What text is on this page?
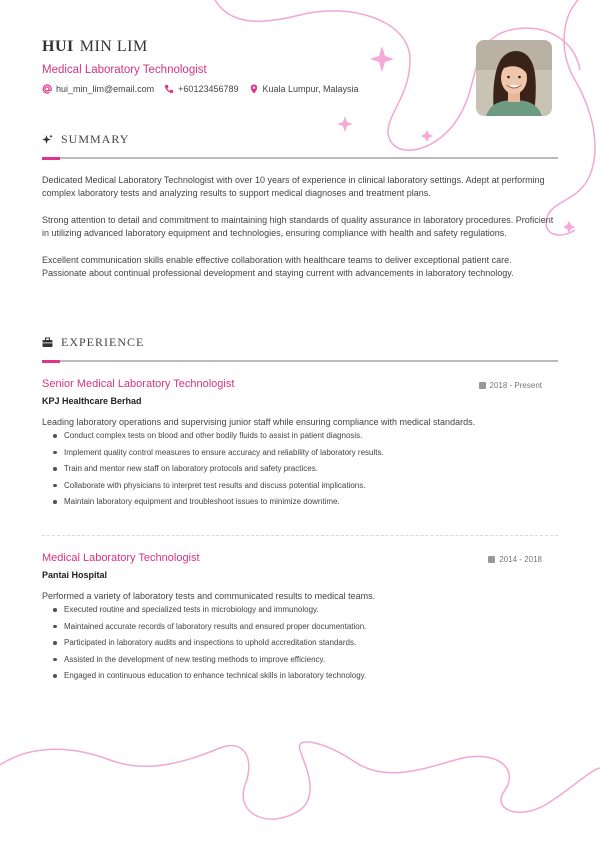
HUI MIN LIM
Medical Laboratory Technologist
hui_min_lim@email.com	+60123456789	Kuala Lumpur, Malaysia
SUMMARY

Dedicated Medical Laboratory Technologist with over 10 years of experience in clinical laboratory settings. Adept at performing complex laboratory tests and analyzing results to support medical diagnoses and treatment plans.

Strong attention to detail and commitment to maintaining high standards of quality assurance in laboratory procedures. Proficient in utilizing advanced laboratory equipment and technologies, ensuring compliance with health and safety regulations.

Excellent communication skills enable effective collaboration with healthcare teams to deliver exceptional patient care. Passionate about continual professional development and staying current with advancements in laboratory technology.

EXPERIENCE
Senior Medical Laboratory Technologist	2018 - Present
KPJ Healthcare Berhad
Leading laboratory operations and supervising junior staff while ensuring compliance with medical standards.
Conduct complex tests on blood and other bodily fluids to assist in patient diagnosis.
Implement quality control measures to ensure accuracy and reliability of laboratory results.
Train and mentor new staff on laboratory protocols and safety practices.
Collaborate with physicians to interpret test results and discuss potential implications.
Maintain laboratory equipment and troubleshoot issues to minimize downtime.
Medical Laboratory Technologist	2014 - 2018
Pantai Hospital
Performed a variety of laboratory tests and communicated results to medical teams.
Executed routine and specialized tests in microbiology and immunology.
Maintained accurate records of laboratory results and ensured proper documentation.
Participated in laboratory audits and inspections to uphold accreditation standards.
Assisted in the development of new testing methods to improve efficiency.
Engaged in continuous education to enhance technical skills in laboratory technology.
